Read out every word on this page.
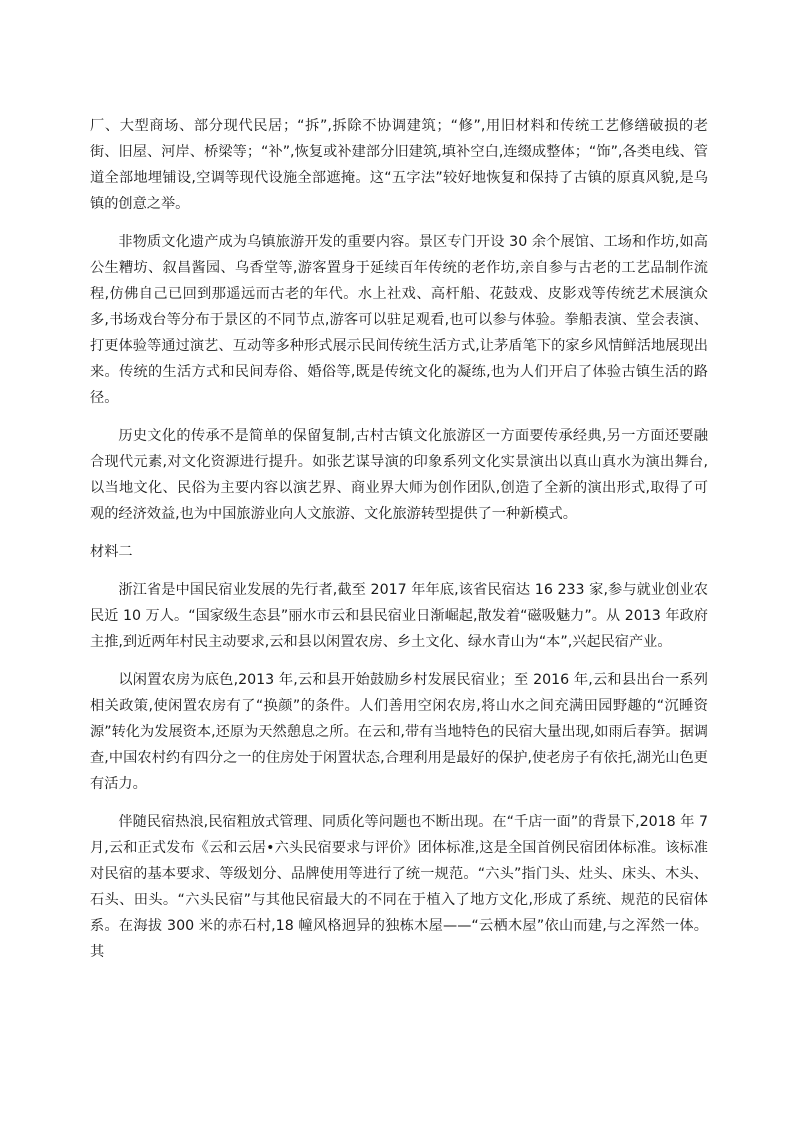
厂、大型商场、部分现代民居；“拆”,拆除不协调建筑；“修”,用旧材料和传统工艺修缮破损的老街、旧屋、河岸、桥梁等；“补”,恢复或补建部分旧建筑,填补空白,连缀成整体；“饰”,各类电线、管道全部地埋铺设,空调等现代设施全部遮掩。这“五字法”较好地恢复和保持了古镇的原真风貌,是乌镇的创意之举。

非物质文化遗产成为乌镇旅游开发的重要内容。景区专门开设 30 余个展馆、工场和作坊,如高公生糟坊、叙昌酱园、乌香堂等,游客置身于延续百年传统的老作坊,亲自参与古老的工艺品制作流程,仿佛自己已回到那遥远而古老的年代。水上社戏、高杆船、花鼓戏、皮影戏等传统艺术展演众多,书场戏台等分布于景区的不同节点,游客可以驻足观看,也可以参与体验。拳船表演、堂会表演、打更体验等通过演艺、互动等多种形式展示民间传统生活方式,让茅盾笔下的家乡风情鲜活地展现出来。传统的生活方式和民间寿俗、婚俗等,既是传统文化的凝练,也为人们开启了体验古镇生活的路径。

历史文化的传承不是简单的保留复制,古村古镇文化旅游区一方面要传承经典,另一方面还要融合现代元素,对文化资源进行提升。如张艺谋导演的印象系列文化实景演出以真山真水为演出舞台,以当地文化、民俗为主要内容以演艺界、商业界大师为创作团队,创造了全新的演出形式,取得了可观的经济效益,也为中国旅游业向人文旅游、文化旅游转型提供了一种新模式。

材料二

浙江省是中国民宿业发展的先行者,截至 2017 年年底,该省民宿达 16 233 家,参与就业创业农民近 10 万人。“国家级生态县”丽水市云和县民宿业日渐崛起,散发着“磁吸魅力”。从 2013 年政府主推,到近两年村民主动要求,云和县以闲置农房、乡土文化、绿水青山为“本”,兴起民宿产业。

以闲置农房为底色,2013 年,云和县开始鼓励乡村发展民宿业；至 2016 年,云和县出台一系列相关政策,使闲置农房有了“换颜”的条件。人们善用空闲农房,将山水之间充满田园野趣的“沉睡资源”转化为发展资本,还原为天然憩息之所。在云和,带有当地特色的民宿大量出现,如雨后春笋。据调查,中国农村约有四分之一的住房处于闲置状态,合理利用是最好的保护,使老房子有依托,湖光山色更有活力。

伴随民宿热浪,民宿粗放式管理、同质化等问题也不断出现。在“千店一面”的背景下,2018 年 7 月,云和正式发布《云和云居•六头民宿要求与评价》团体标准,这是全国首例民宿团体标准。该标准对民宿的基本要求、等级划分、品牌使用等进行了统一规范。“六头”指门头、灶头、床头、木头、石头、田头。“六头民宿”与其他民宿最大的不同在于植入了地方文化,形成了系统、规范的民宿体系。在海拔 300 米的赤石村,18 幢风格迥异的独栋木屋——“云栖木屋”依山而建,与之浑然一体。其
